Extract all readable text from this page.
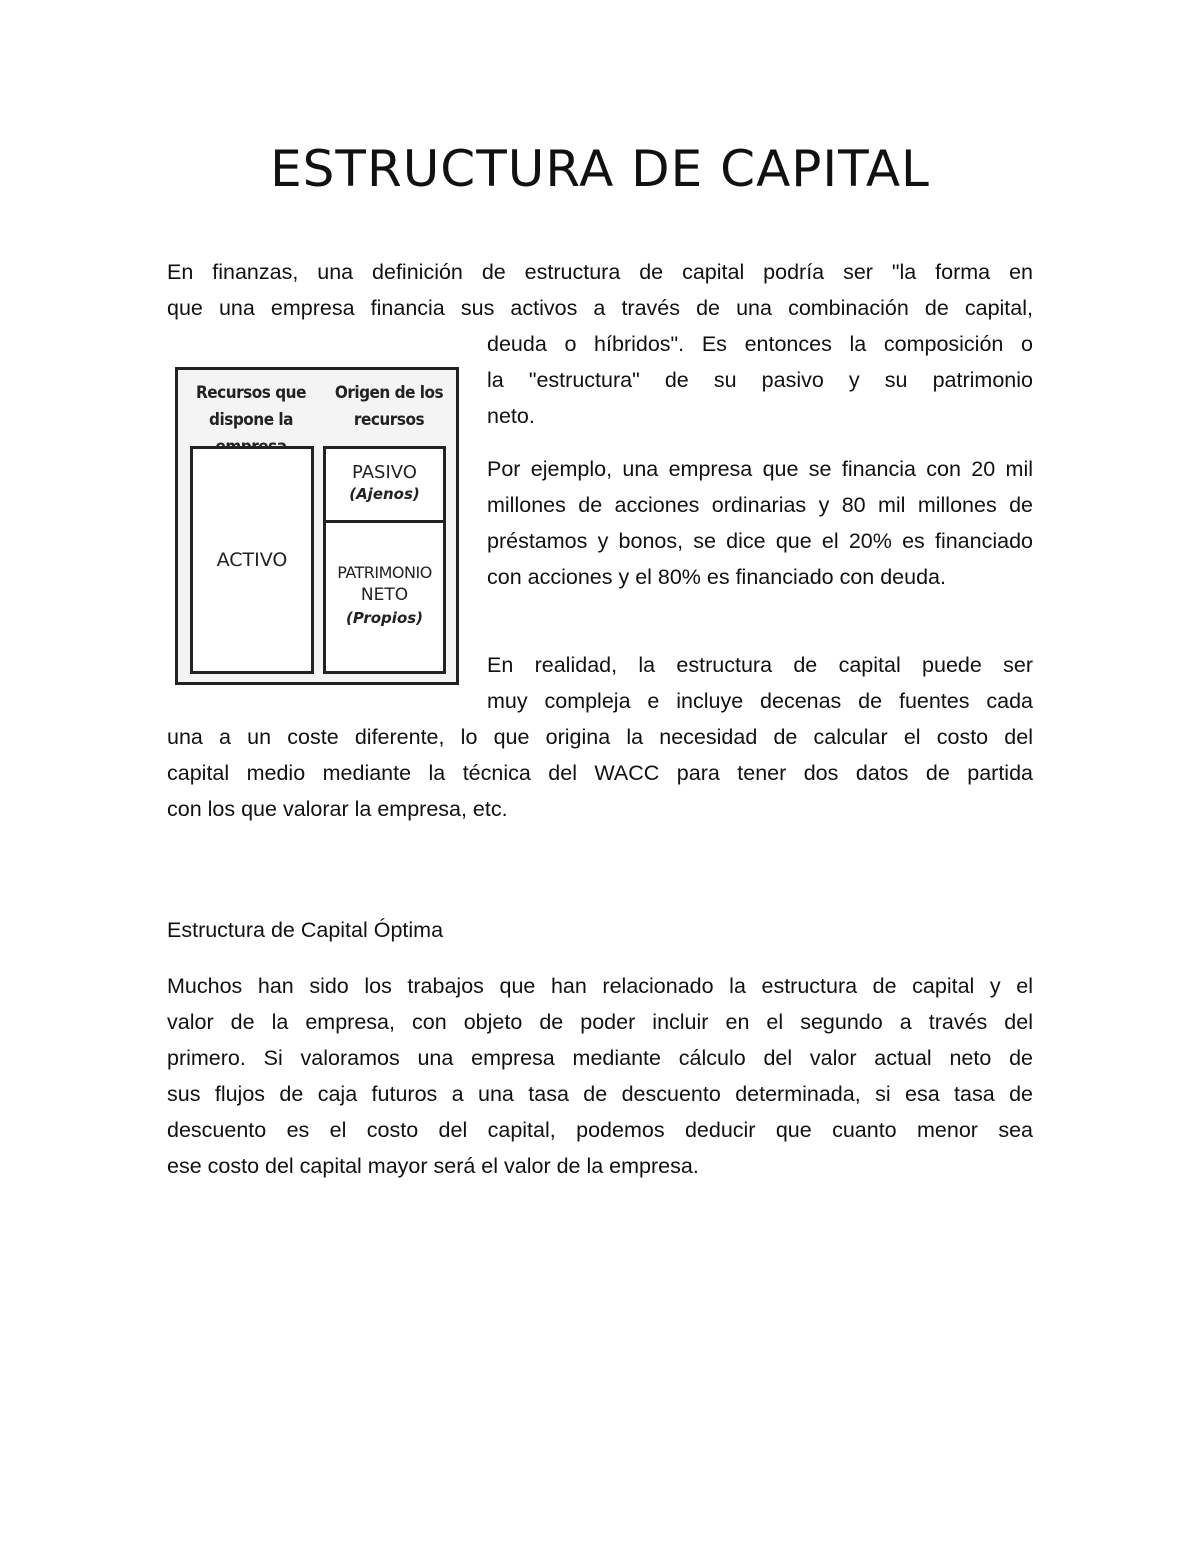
ESTRUCTURA DE CAPITAL
En finanzas, una definición de estructura de capital podría ser "la forma en
que una empresa financia sus activos a través de una combinación de capital,
deuda o híbridos". Es entonces la composición o
la "estructura" de su pasivo y su patrimonio
neto.

Por ejemplo, una empresa que se financia con 20 mil millones de acciones ordinarias y 80 mil millones de préstamos y bonos, se dice que el 20% es financiado con acciones y el 80% es financiado con deuda.

En realidad, la estructura de capital puede ser
muy compleja e incluye decenas de fuentes cada
una a un coste diferente, lo que origina la necesidad de calcular el costo del
capital medio mediante la técnica del WACC para tener dos datos de partida
con los que valorar la empresa, etc.
Recursos que
dispone la
Origen de los
recursos
ACTIVO
PASIVO
(Ajenos)
PATRIMONIO
NETO
(Propios)
Estructura de Capital Óptima
Muchos han sido los trabajos que han relacionado la estructura de capital y el
valor de la empresa, con objeto de poder incluir en el segundo a través del
primero. Si valoramos una empresa mediante cálculo del valor actual neto de
sus flujos de caja futuros a una tasa de descuento determinada, si esa tasa de
descuento es el costo del capital, podemos deducir que cuanto menor sea
ese costo del capital mayor será el valor de la empresa.
